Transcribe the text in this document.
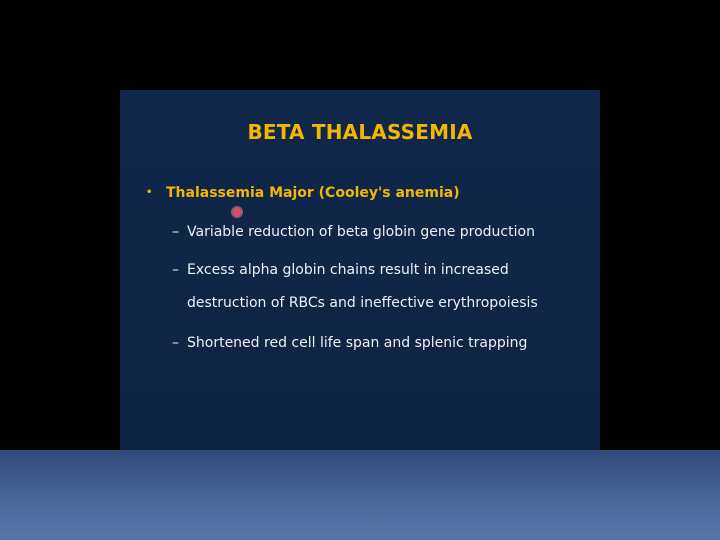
BETA THALASSEMIA
• Thalassemia Major (Cooley's anemia)
– Variable reduction of beta globin gene production
– Excess alpha globin chains result in increased
destruction of RBCs and ineffective erythropoiesis
– Shortened red cell life span and splenic trapping
